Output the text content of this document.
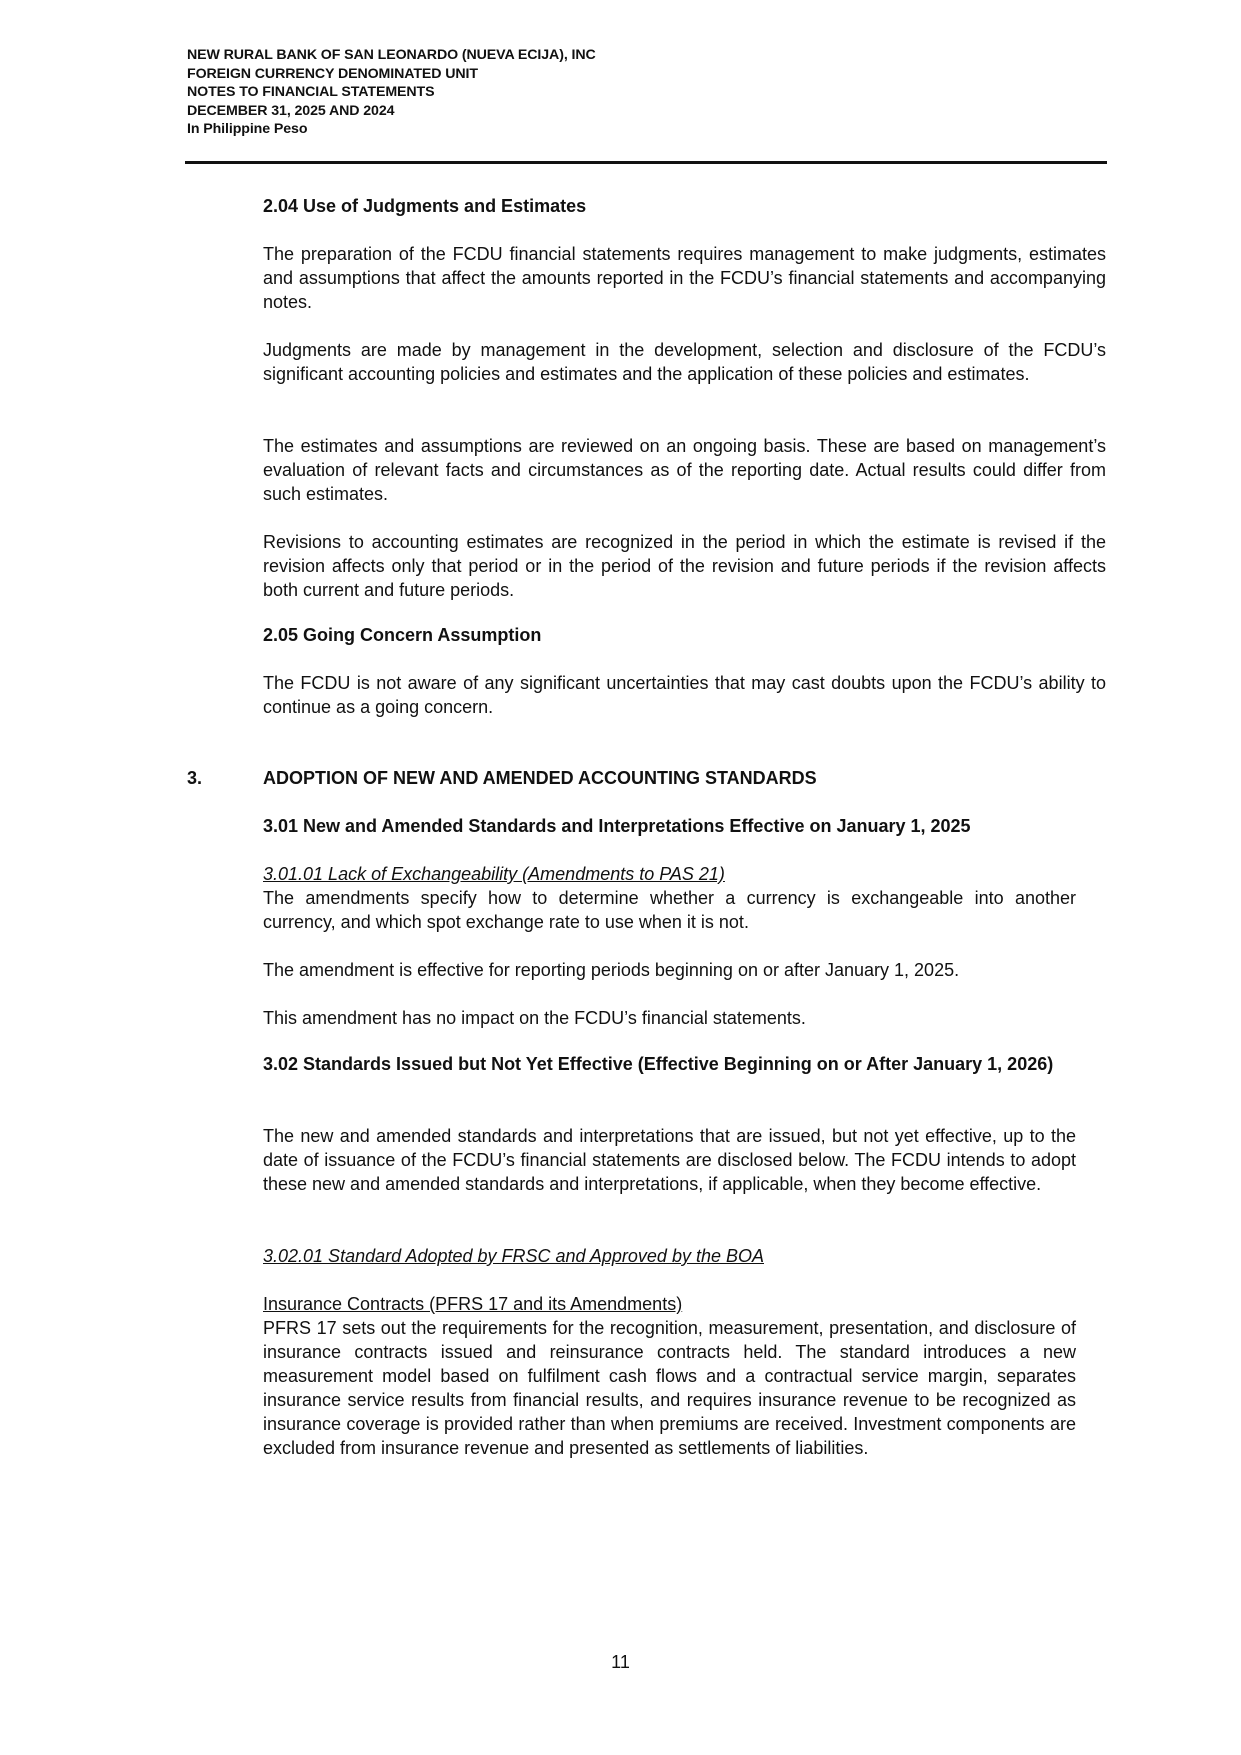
NEW RURAL BANK OF SAN LEONARDO (NUEVA ECIJA), INC
FOREIGN CURRENCY DENOMINATED UNIT
NOTES TO FINANCIAL STATEMENTS
DECEMBER 31, 2025 AND 2024
In Philippine Peso
2.04 Use of Judgments and Estimates
The preparation of the FCDU financial statements requires management to make judgments, estimates and assumptions that affect the amounts reported in the FCDU’s financial statements and accompanying notes.
Judgments are made by management in the development, selection and disclosure of the FCDU’s significant accounting policies and estimates and the application of these policies and estimates.
The estimates and assumptions are reviewed on an ongoing basis. These are based on management’s evaluation of relevant facts and circumstances as of the reporting date. Actual results could differ from such estimates.
Revisions to accounting estimates are recognized in the period in which the estimate is revised if the revision affects only that period or in the period of the revision and future periods if the revision affects both current and future periods.
2.05 Going Concern Assumption
The FCDU is not aware of any significant uncertainties that may cast doubts upon the FCDU’s ability to continue as a going concern.
3.	ADOPTION OF NEW AND AMENDED ACCOUNTING STANDARDS
3.01 New and Amended Standards and Interpretations Effective on January 1, 2025
3.01.01 Lack of Exchangeability (Amendments to PAS 21)
The amendments specify how to determine whether a currency is exchangeable into another currency, and which spot exchange rate to use when it is not.
The amendment is effective for reporting periods beginning on or after January 1, 2025.
This amendment has no impact on the FCDU’s financial statements.
3.02 Standards Issued but Not Yet Effective (Effective Beginning on or After January 1, 2026)
The new and amended standards and interpretations that are issued, but not yet effective, up to the date of issuance of the FCDU’s financial statements are disclosed below. The FCDU intends to adopt these new and amended standards and interpretations, if applicable, when they become effective.
3.02.01 Standard Adopted by FRSC and Approved by the BOA
Insurance Contracts (PFRS 17 and its Amendments)
PFRS 17 sets out the requirements for the recognition, measurement, presentation, and disclosure of insurance contracts issued and reinsurance contracts held. The standard introduces a new measurement model based on fulfilment cash flows and a contractual service margin, separates insurance service results from financial results, and requires insurance revenue to be recognized as insurance coverage is provided rather than when premiums are received. Investment components are excluded from insurance revenue and presented as settlements of liabilities.
11
